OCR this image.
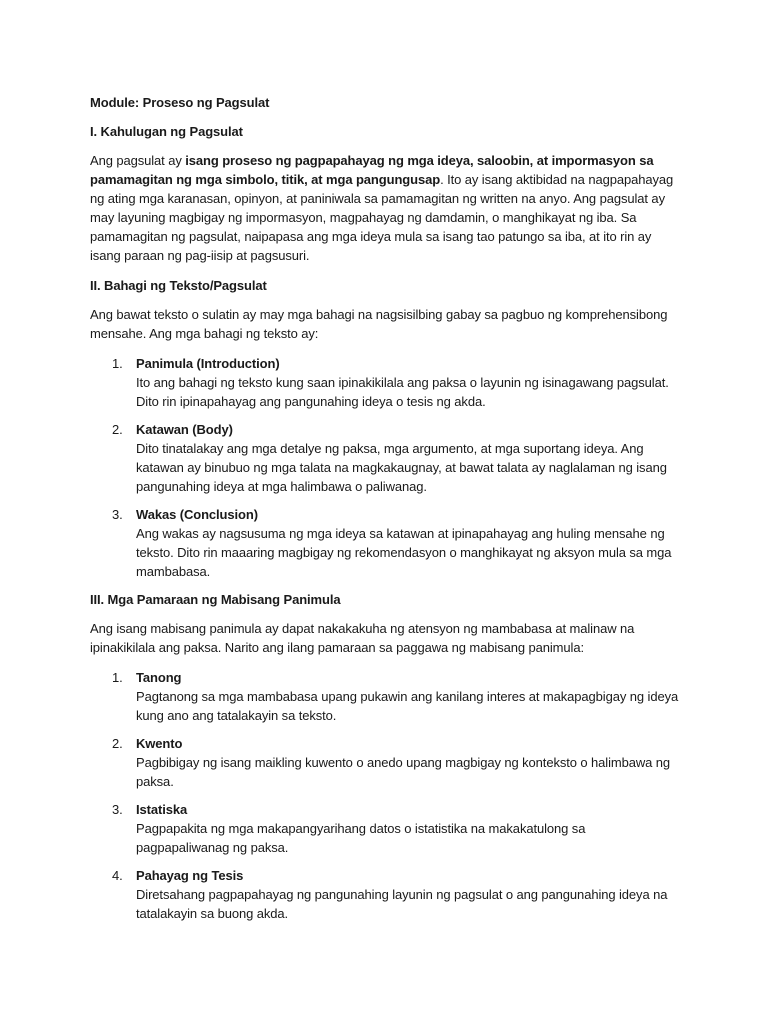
Module: Proseso ng Pagsulat
I. Kahulugan ng Pagsulat

Ang pagsulat ay isang proseso ng pagpapahayag ng mga ideya, saloobin, at impormasyon sa pamamagitan ng mga simbolo, titik, at mga pangungusap. Ito ay isang aktibidad na nagpapahayag ng ating mga karanasan, opinyon, at paniniwala sa pamamagitan ng written na anyo. Ang pagsulat ay may layuning magbigay ng impormasyon, magpahayag ng damdamin, o manghikayat ng iba. Sa pamamagitan ng pagsulat, naipapasa ang mga ideya mula sa isang tao patungo sa iba, at ito rin ay isang paraan ng pag-iisip at pagsusuri.

II. Bahagi ng Teksto/Pagsulat

Ang bawat teksto o sulatin ay may mga bahagi na nagsisilbing gabay sa pagbuo ng komprehensibong mensahe. Ang mga bahagi ng teksto ay:

1. Panimula (Introduction)
Ito ang bahagi ng teksto kung saan ipinakikilala ang paksa o layunin ng isinagawang pagsulat. Dito rin ipinapahayag ang pangunahing ideya o tesis ng akda.
2. Katawan (Body)
Dito tinatalakay ang mga detalye ng paksa, mga argumento, at mga suportang ideya. Ang katawan ay binubuo ng mga talata na magkakaugnay, at bawat talata ay naglalaman ng isang pangunahing ideya at mga halimbawa o paliwanag.
3. Wakas (Conclusion)
Ang wakas ay nagsusuma ng mga ideya sa katawan at ipinapahayag ang huling mensahe ng teksto. Dito rin maaaring magbigay ng rekomendasyon o manghikayat ng aksyon mula sa mga mambabasa.
III. Mga Pamaraan ng Mabisang Panimula

Ang isang mabisang panimula ay dapat nakakakuha ng atensyon ng mambabasa at malinaw na ipinakikilala ang paksa. Narito ang ilang pamaraan sa paggawa ng mabisang panimula:

1. Tanong
Pagtanong sa mga mambabasa upang pukawin ang kanilang interes at makapagbigay ng ideya kung ano ang tatalakayin sa teksto.
2. Kwento
Pagbibigay ng isang maikling kuwento o anedo upang magbigay ng konteksto o halimbawa ng paksa.
3. Istatiska
Pagpapakita ng mga makapangyarihang datos o istatistika na makakatulong sa pagpapaliwanag ng paksa.
4. Pahayag ng Tesis
Diretsahang pagpapahayag ng pangunahing layunin ng pagsulat o ang pangunahing ideya na tatalakayin sa buong akda.
